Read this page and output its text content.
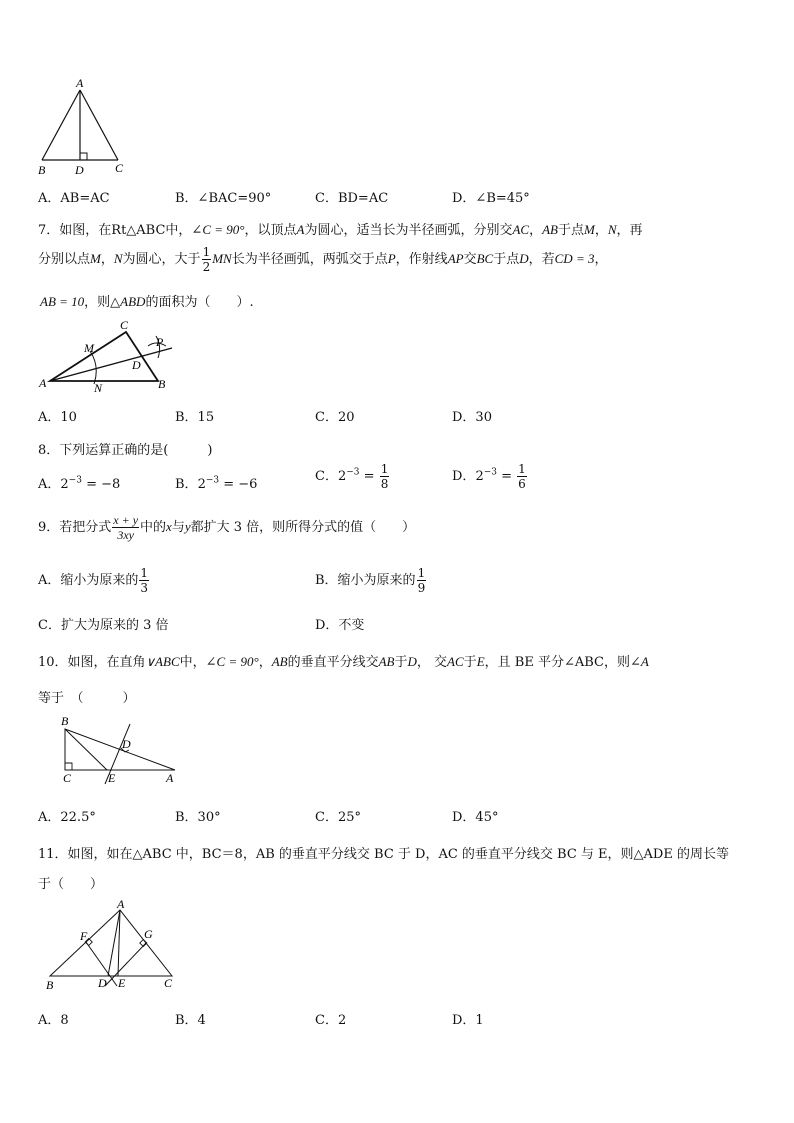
A
B D	C
A．AB=AC	B．∠BAC=90°	C．BD=AC	D．∠B=45°
7．如图，在Rt△ABC中，∠C = 90°，以顶点A为圆心，适当长为半径画弧，分别交AC，AB于点M，N，再
分别以点M，N为圆心，大于 $\frac{1}{2}$ MN长为半径画弧，两弧交于点P，作射线AP交BC于点D，若CD = 3，
AB = 10，则△ABD的面积为（　　）.
C
M	P
D
A	N	B
A．10	B．15	C．20	D．30
8．下列运算正确的是(　　　)
A．$2^{-3} = -8$	B．$2^{-3} = -6$
C．$2^{-3} = \frac{1}{8}$	D．$2^{-3} = \frac{1}{6}$
9．若把分式 $\frac{x + y}{3xy}$ 中的x与y都扩大 3 倍，则所得分式的值（　　）
A．缩小为原来的 $\frac{1}{3}$	B．缩小为原来的 $\frac{1}{9}$
C．扩大为原来的 3 倍	D．不变
10．如图，在直角∨ABC中，∠C = 90°，AB的垂直平分线交AB于D， 交AC于E，且 BE 平分∠ABC，则∠A
等于　（　　　）
B
D
C	E	A
A．22.5°	B．30°	C．25°	D．45°
11．如图，如在△ABC 中，BC＝8，AB 的垂直平分线交 BC 于 D，AC 的垂直平分线交 BC 与 E，则△ADE 的周长等
于（　　）
A
F	G
B	D E	C
A．8	B．4	C．2	D．1
